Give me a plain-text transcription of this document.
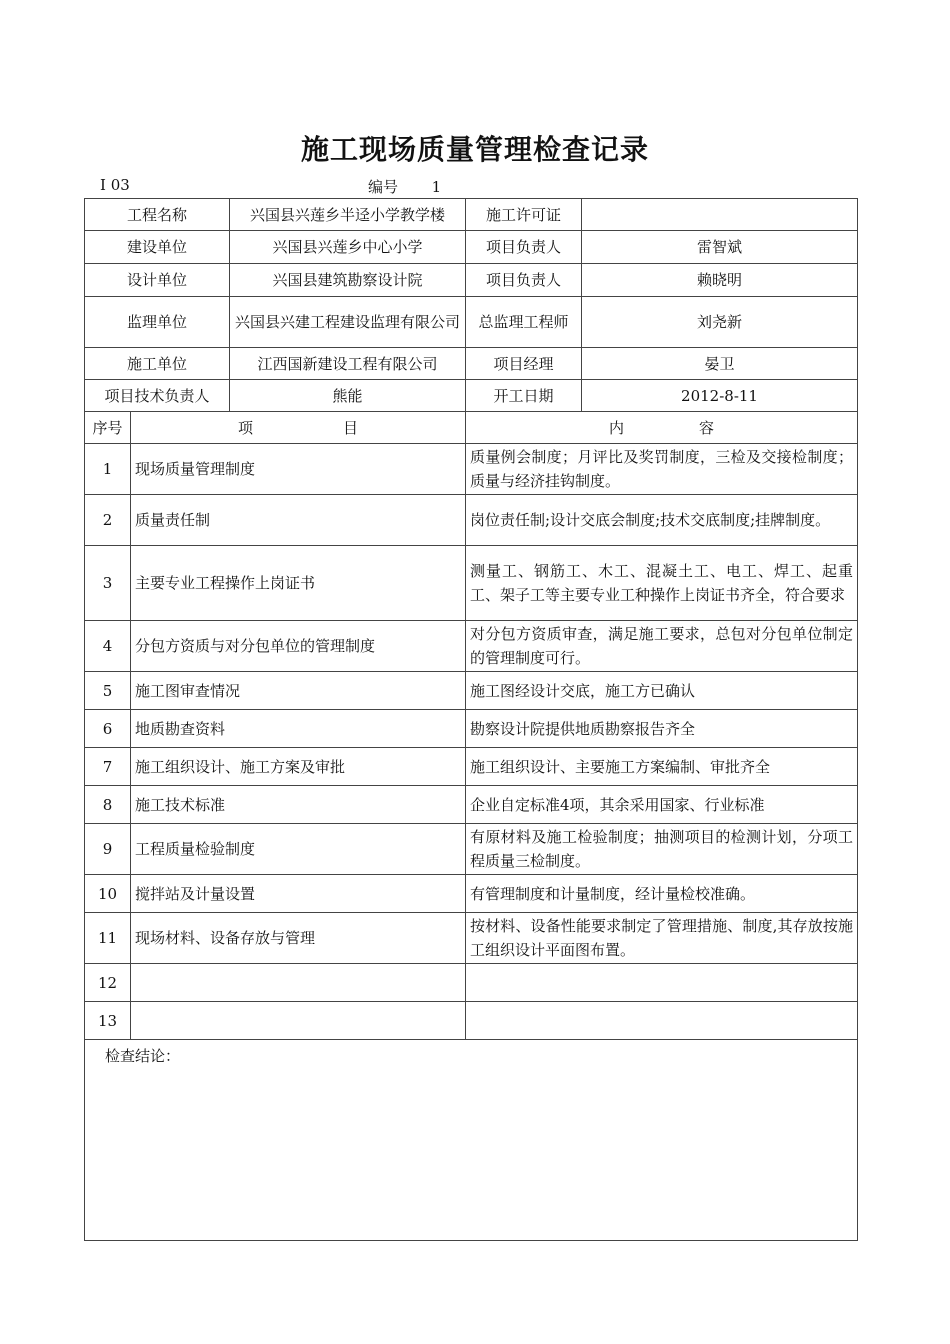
施工现场质量管理检查记录
Ⅰ 03	编号 1
工程名称		兴国县兴莲乡半迳小学教学楼	施工许可证	
建设单位		兴国县兴莲乡中心小学	项目负责人	雷智斌
设计单位		兴国县建筑勘察设计院	项目负责人	赖晓明
监理单位		兴国县兴建工程建设监理有限公司	总监理工程师	刘尧新
施工单位		江西国新建设工程有限公司	项目经理	晏卫
项目技术负责人		熊能	开工日期	2012-8-11
序号	项　　　　　　目		内　　　　　容	
1	现场质量管理制度		质量例会制度；月评比及奖罚制度，三检及交接检制度；质量与经济挂钩制度。	
2	质量责任制		岗位责任制;设计交底会制度;技术交底制度;挂牌制度。	
3	主要专业工程操作上岗证书		测量工、钢筋工、木工、混凝土工、电工、焊工、起重工、架子工等主要专业工种操作上岗证书齐全，符合要求	
4	分包方资质与对分包单位的管理制度		对分包方资质审查，满足施工要求，总包对分包单位制定的管理制度可行。	
5	施工图审查情况		施工图经设计交底，施工方已确认	
6	地质勘查资料		勘察设计院提供地质勘察报告齐全	
7	施工组织设计、施工方案及审批		施工组织设计、主要施工方案编制、审批齐全	
8	施工技术标准		企业自定标准4项，其余采用国家、行业标准	
9	工程质量检验制度		有原材料及施工检验制度；抽测项目的检测计划，分项工程质量三检制度。	
10	搅拌站及计量设置		有管理制度和计量制度，经计量检校准确。	
11	现场材料、设备存放与管理		按材料、设备性能要求制定了管理措施、制度,其存放按施工组织设计平面图布置。	
12				
13				
检查结论：				
